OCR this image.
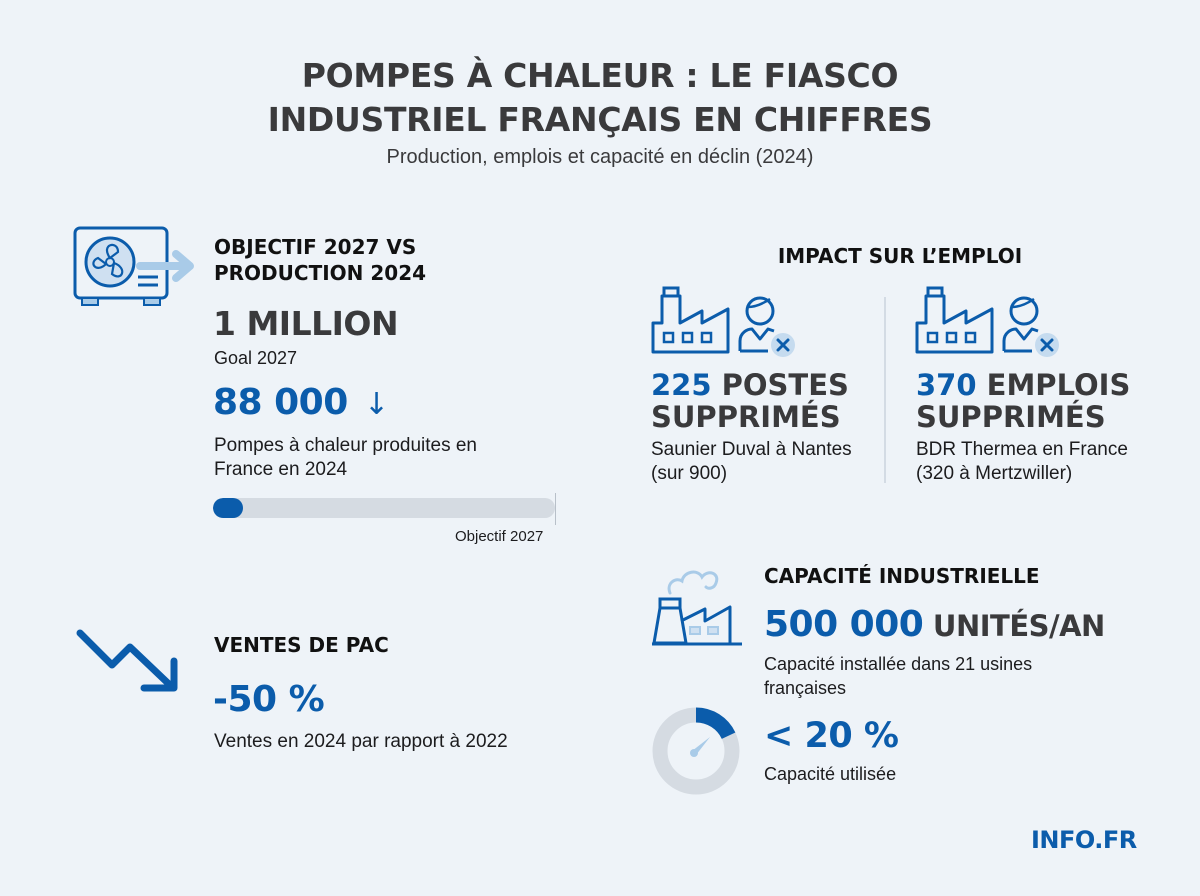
POMPES À CHALEUR : LE FIASCO
INDUSTRIEL FRANÇAIS EN CHIFFRES
Production, emplois et capacité en déclin (2024)
OBJECTIF 2027 VS
PRODUCTION 2024
1 MILLION
Goal 2027
88 000 ↓
Pompes à chaleur produites en
France en 2024
Objectif 2027
VENTES DE PAC
-50 %
Ventes en 2024 par rapport à 2022
IMPACT SUR L’EMPLOI
225 POSTES
SUPPRIMÉS
Saunier Duval à Nantes
(sur 900)
370 EMPLOIS
SUPPRIMÉS
BDR Thermea en France
(320 à Mertzwiller)
CAPACITÉ INDUSTRIELLE
500 000 UNITÉS/AN
Capacité installée dans 21 usines
françaises
< 20 %
Capacité utilisée
INFO.FR
